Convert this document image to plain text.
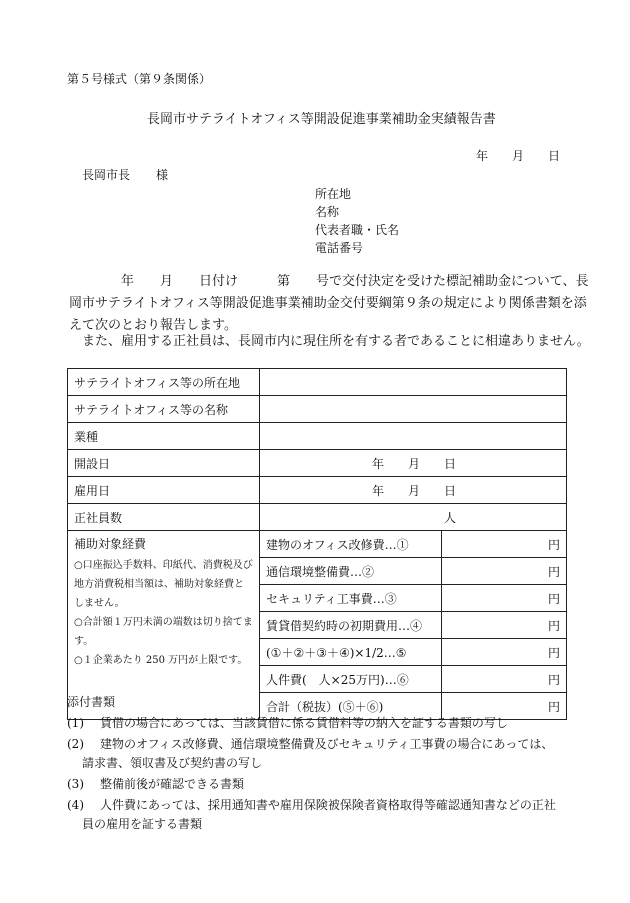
第５号様式（第９条関係）
長岡市サテライトオフィス等開設促進事業補助金実績報告書
年 月 日
長岡市長 様
所在地
名称
代表者職・氏名
電話番号
　　　　年　　月　　日付け　　　第　　号で交付決定を受けた標記補助金について、長
岡市サテライトオフィス等開設促進事業補助金交付要綱第９条の規定により関係書類を添
えて次のとおり報告します。
　また、雇用する正社員は、長岡市内に現住所を有する者であることに相違ありません。
サテライトオフィス等の所在地		
サテライトオフィス等の名称		
業種		
開設日	年　　月　　日	
雇用日	年　　月　　日	
正社員数	人	

補助対象経費
○口座振込手数料、印紙代、消費税及び地方消費税相当額は、補助対象経費としません。
○合計額１万円未満の端数は切り捨てます。
○１企業あたり 250 万円が上限です。	建物のオフィス改修費…①	円
	通信環境整備費…②	円
	セキュリティ工事費…③	円
	賃貸借契約時の初期費用…④	円
	(①＋②＋③＋④)×1/2…⑤	円
	人件費(　人×25万円)…⑥	円
	合計（税抜）(⑤＋⑥)	円
添付書類
(1) 賃借の場合にあっては、当該賃借に係る賃借料等の納入を証する書類の写し
(2) 建物のオフィス改修費、通信環境整備費及びセキュリティ工事費の場合にあっては、
請求書、領収書及び契約書の写し
(3) 整備前後が確認できる書類
(4) 人件費にあっては、採用通知書や雇用保険被保険者資格取得等確認通知書などの正社
員の雇用を証する書類
